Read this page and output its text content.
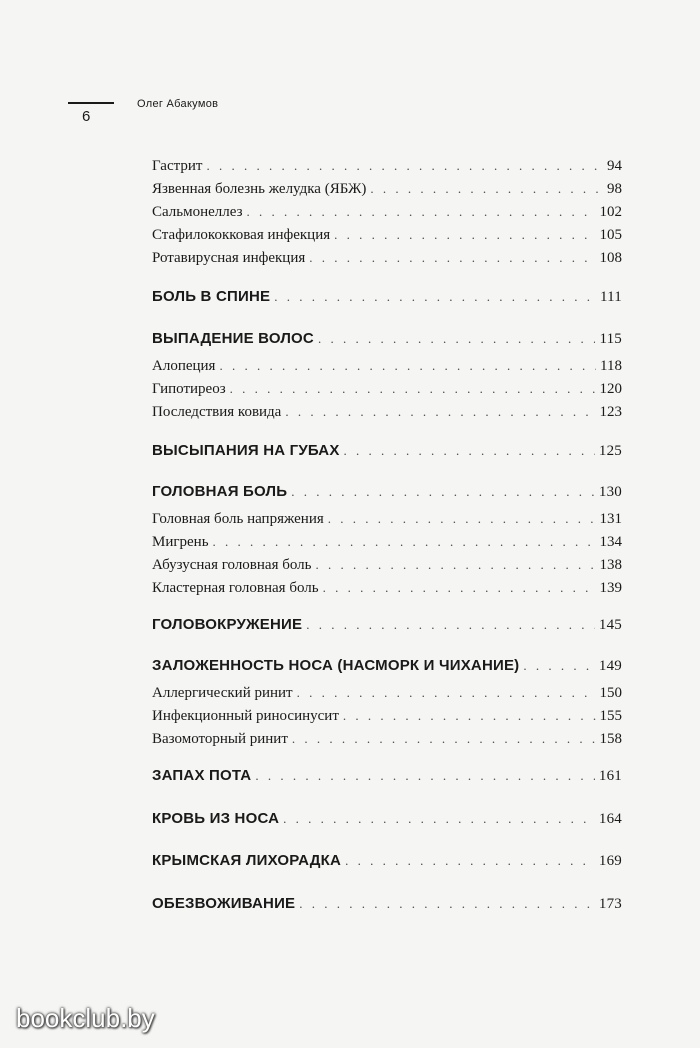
6
Олег Абакумов
Гастрит . . .	94
Язвенная болезнь желудка (ЯБЖ) . . .	98
Сальмонеллез . . .	102
Стафилококковая инфекция . . .	105
Ротавирусная инфекция . . .	108
БОЛЬ В СПИНЕ . . .	111
ВЫПАДЕНИЕ ВОЛОС . . .	115
Алопеция . . .	118
Гипотиреоз . . .	120
Последствия ковида . . .	123
ВЫСЫПАНИЯ НА ГУБАХ . . .	125
ГОЛОВНАЯ БОЛЬ . . .	130
Головная боль напряжения . . .	131
Мигрень . . .	134
Абузусная головная боль . . .	138
Кластерная головная боль . . .	139
ГОЛОВОКРУЖЕНИЕ . . .	145
ЗАЛОЖЕННОСТЬ НОСА (НАСМОРК И ЧИХАНИЕ) . . .	149
Аллергический ринит . . .	150
Инфекционный риносинусит . . .	155
Вазомоторный ринит . . .	158
ЗАПАХ ПОТА . . .	161
КРОВЬ ИЗ НОСА . . .	164
КРЫМСКАЯ ЛИХОРАДКА . . .	169
ОБЕЗВОЖИВАНИЕ . . .	173
bookclub.by
